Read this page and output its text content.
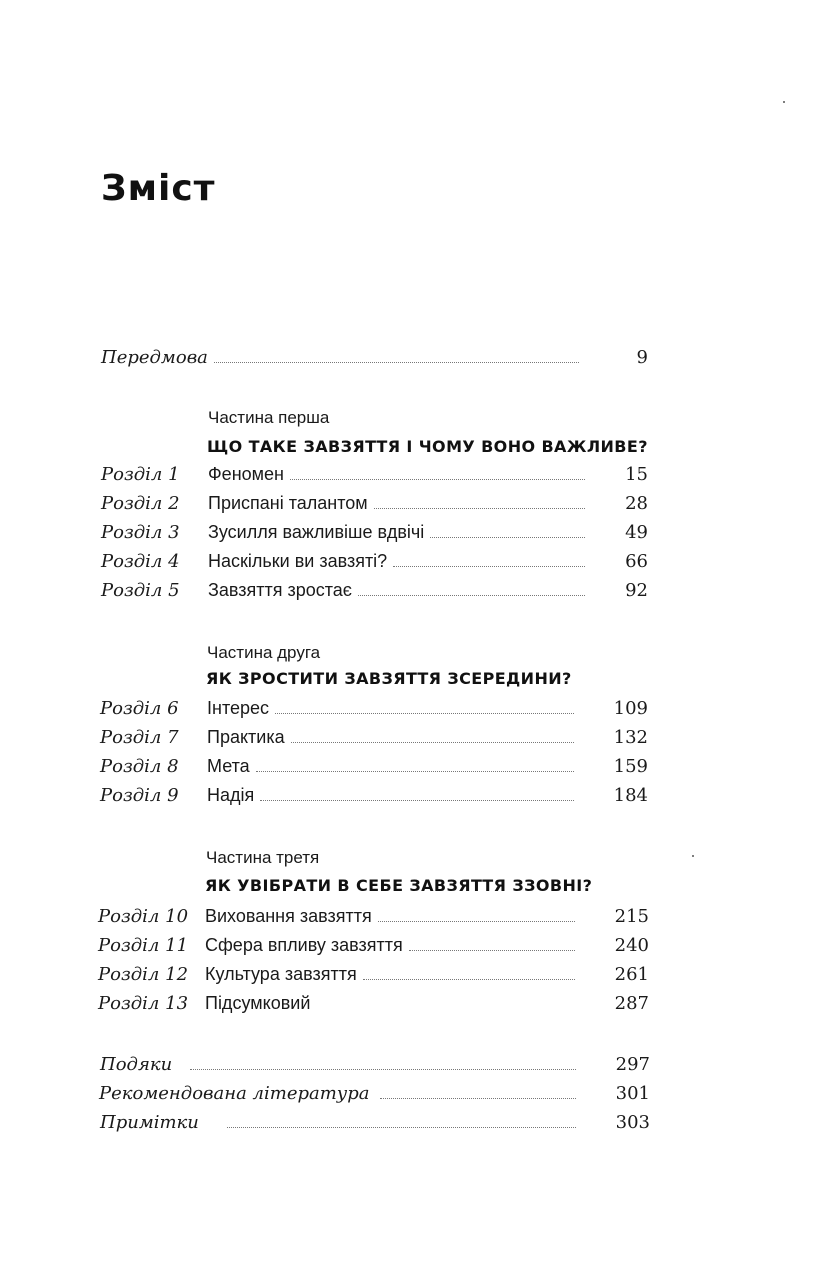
Зміст
Передмова	9
Частина перша
ЩО ТАКЕ ЗАВЗЯТТЯ І ЧОМУ ВОНО ВАЖЛИВЕ?
Розділ 1	Феномен	15
Розділ 2	Приспані талантом	28
Розділ 3	Зусилля важливіше вдвічі	49
Розділ 4	Наскільки ви завзяті?	66
Розділ 5	Завзяття зростає	92
Частина друга
ЯК ЗРОСТИТИ ЗАВЗЯТТЯ ЗСЕРЕДИНИ?
Розділ 6	Інтерес	109
Розділ 7	Практика	132
Розділ 8	Мета	159
Розділ 9	Надія	184
Частина третя
ЯК УВІБРАТИ В СЕБЕ ЗАВЗЯТТЯ ЗЗОВНІ?
Розділ 10 Виховання завзяття	215
Розділ 11 Сфера впливу завзяття	240
Розділ 12 Культура завзяття	261
Розділ 13 Підсумковий	287
Подяки	297
Рекомендована література	301
Примітки	303
